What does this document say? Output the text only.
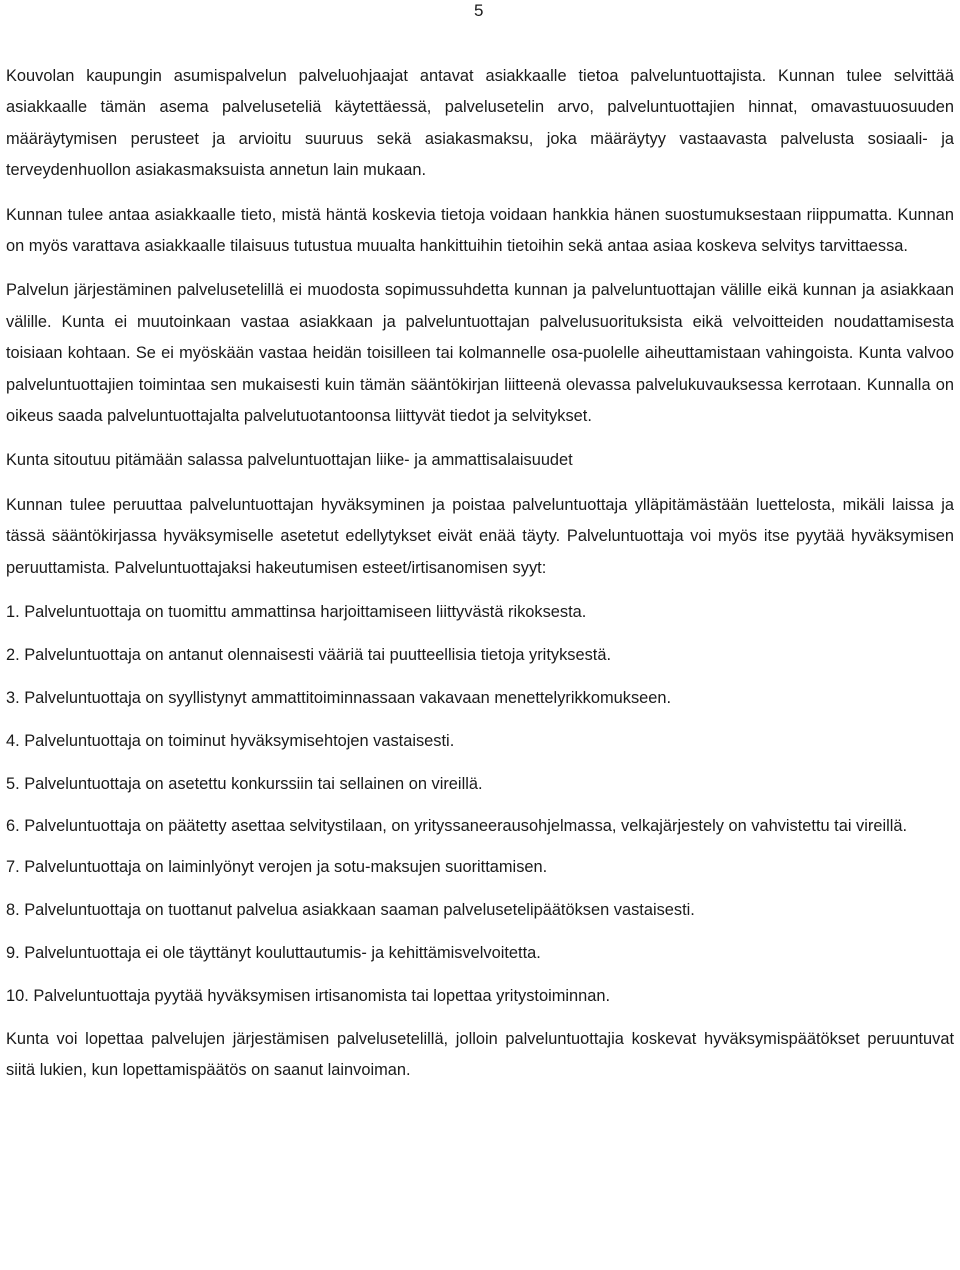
5

Kouvolan kaupungin asumispalvelun palveluohjaajat antavat asiakkaalle tietoa palveluntuottajista. Kunnan tulee selvittää asiakkaalle tämän asema palveluseteliä käytettäessä, palvelusetelin arvo, palveluntuottajien hinnat, omavastuuosuuden määräytymisen perusteet ja arvioitu suuruus sekä asiakasmaksu, joka määräytyy vastaavasta palvelusta sosiaali- ja terveydenhuollon asiakasmaksuista annetun lain mukaan.

Kunnan tulee antaa asiakkaalle tieto, mistä häntä koskevia tietoja voidaan hankkia hänen suostumuksestaan riippumatta. Kunnan on myös varattava asiakkaalle tilaisuus tutustua muualta hankittuihin tietoihin sekä antaa asiaa koskeva selvitys tarvittaessa.

Palvelun järjestäminen palvelusetelillä ei muodosta sopimussuhdetta kunnan ja palveluntuottajan välille eikä kunnan ja asiakkaan välille. Kunta ei muutoinkaan vastaa asiakkaan ja palveluntuottajan palvelusuorituksista eikä velvoitteiden noudattamisesta toisiaan kohtaan. Se ei myöskään vastaa heidän toisilleen tai kolmannelle osa-puolelle aiheuttamistaan vahingoista. Kunta valvoo palveluntuottajien toimintaa sen mukaisesti kuin tämän sääntökirjan liitteenä olevassa palvelukuvauksessa kerrotaan. Kunnalla on oikeus saada palveluntuottajalta palvelutuotantoonsa liittyvät tiedot ja selvitykset.

Kunta sitoutuu pitämään salassa palveluntuottajan liike- ja ammattisalaisuudet

Kunnan tulee peruuttaa palveluntuottajan hyväksyminen ja poistaa palveluntuottaja ylläpitämästään luettelosta, mikäli laissa ja tässä sääntökirjassa hyväksymiselle asetetut edellytykset eivät enää täyty. Palveluntuottaja voi myös itse pyytää hyväksymisen peruuttamista. Palveluntuottajaksi hakeutumisen esteet/irtisanomisen syyt:

1. Palveluntuottaja on tuomittu ammattinsa harjoittamiseen liittyvästä rikoksesta.
2. Palveluntuottaja on antanut olennaisesti vääriä tai puutteellisia tietoja yrityksestä.
3. Palveluntuottaja on syyllistynyt ammattitoiminnassaan vakavaan menettelyrikkomukseen.
4. Palveluntuottaja on toiminut hyväksymisehtojen vastaisesti.
5. Palveluntuottaja on asetettu konkurssiin tai sellainen on vireillä.
6. Palveluntuottaja on päätetty asettaa selvitystilaan, on yrityssaneerausohjelmassa, velkajärjestely on vahvistettu tai vireillä.
7. Palveluntuottaja on laiminlyönyt verojen ja sotu-maksujen suorittamisen.
8. Palveluntuottaja on tuottanut palvelua asiakkaan saaman palvelusetelipäätöksen vastaisesti.
9. Palveluntuottaja ei ole täyttänyt kouluttautumis- ja kehittämisvelvoitetta.
10. Palveluntuottaja pyytää hyväksymisen irtisanomista tai lopettaa yritystoiminnan.

Kunta voi lopettaa palvelujen järjestämisen palvelusetelillä, jolloin palveluntuottajia koskevat hyväksymispäätökset peruuntuvat siitä lukien, kun lopettamispäätös on saanut lainvoiman.
